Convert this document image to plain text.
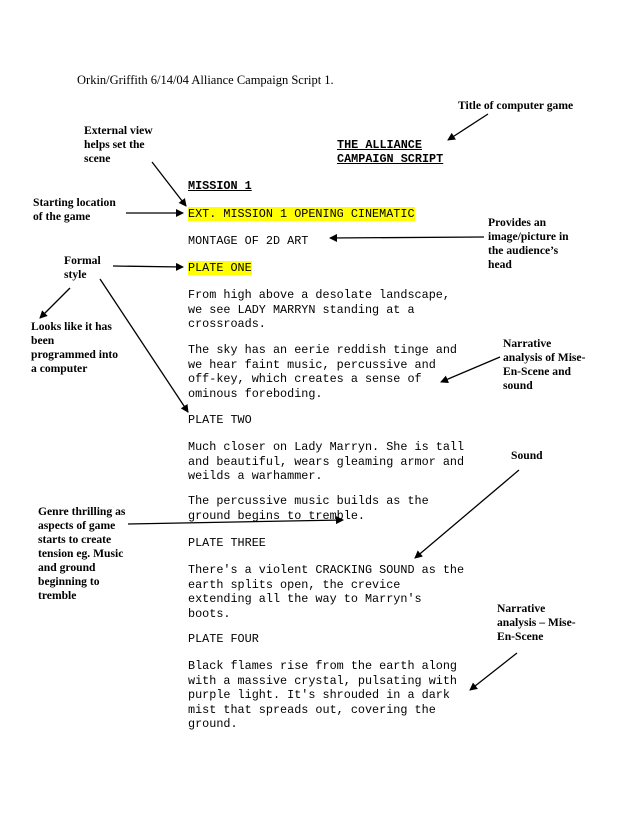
Orkin/Griffith 6/14/04 Alliance Campaign Script 1.
THE ALLIANCE
CAMPAIGN SCRIPT
MISSION 1
EXT. MISSION 1 OPENING CINEMATIC
MONTAGE OF 2D ART
PLATE ONE
From high above a desolate landscape,
we see LADY MARRYN standing at a
crossroads.
The sky has an eerie reddish tinge and
we hear faint music, percussive and
off-key, which creates a sense of
ominous foreboding.
PLATE TWO
Much closer on Lady Marryn. She is tall
and beautiful, wears gleaming armor and
weilds a warhammer.
The percussive music builds as the
ground begins to tremble.
PLATE THREE
There's a violent CRACKING SOUND as the
earth splits open, the crevice
extending all the way to Marryn's
boots.
PLATE FOUR
Black flames rise from the earth along
with a massive crystal, pulsating with
purple light. It's shrouded in a dark
mist that spreads out, covering the
ground.
Title of computer game
External view
helps set the
scene
Starting location
of the game	Provides an
image/picture in
the audience’s
head
Formal
style
Looks like it has
been
programmed into
a computer
Narrative
analysis of Mise-
En-Scene and
sound
Sound
Genre thrilling as
aspects of game
starts to create
tension eg. Music
and ground
beginning to
tremble
Narrative
analysis – Mise-
En-Scene
